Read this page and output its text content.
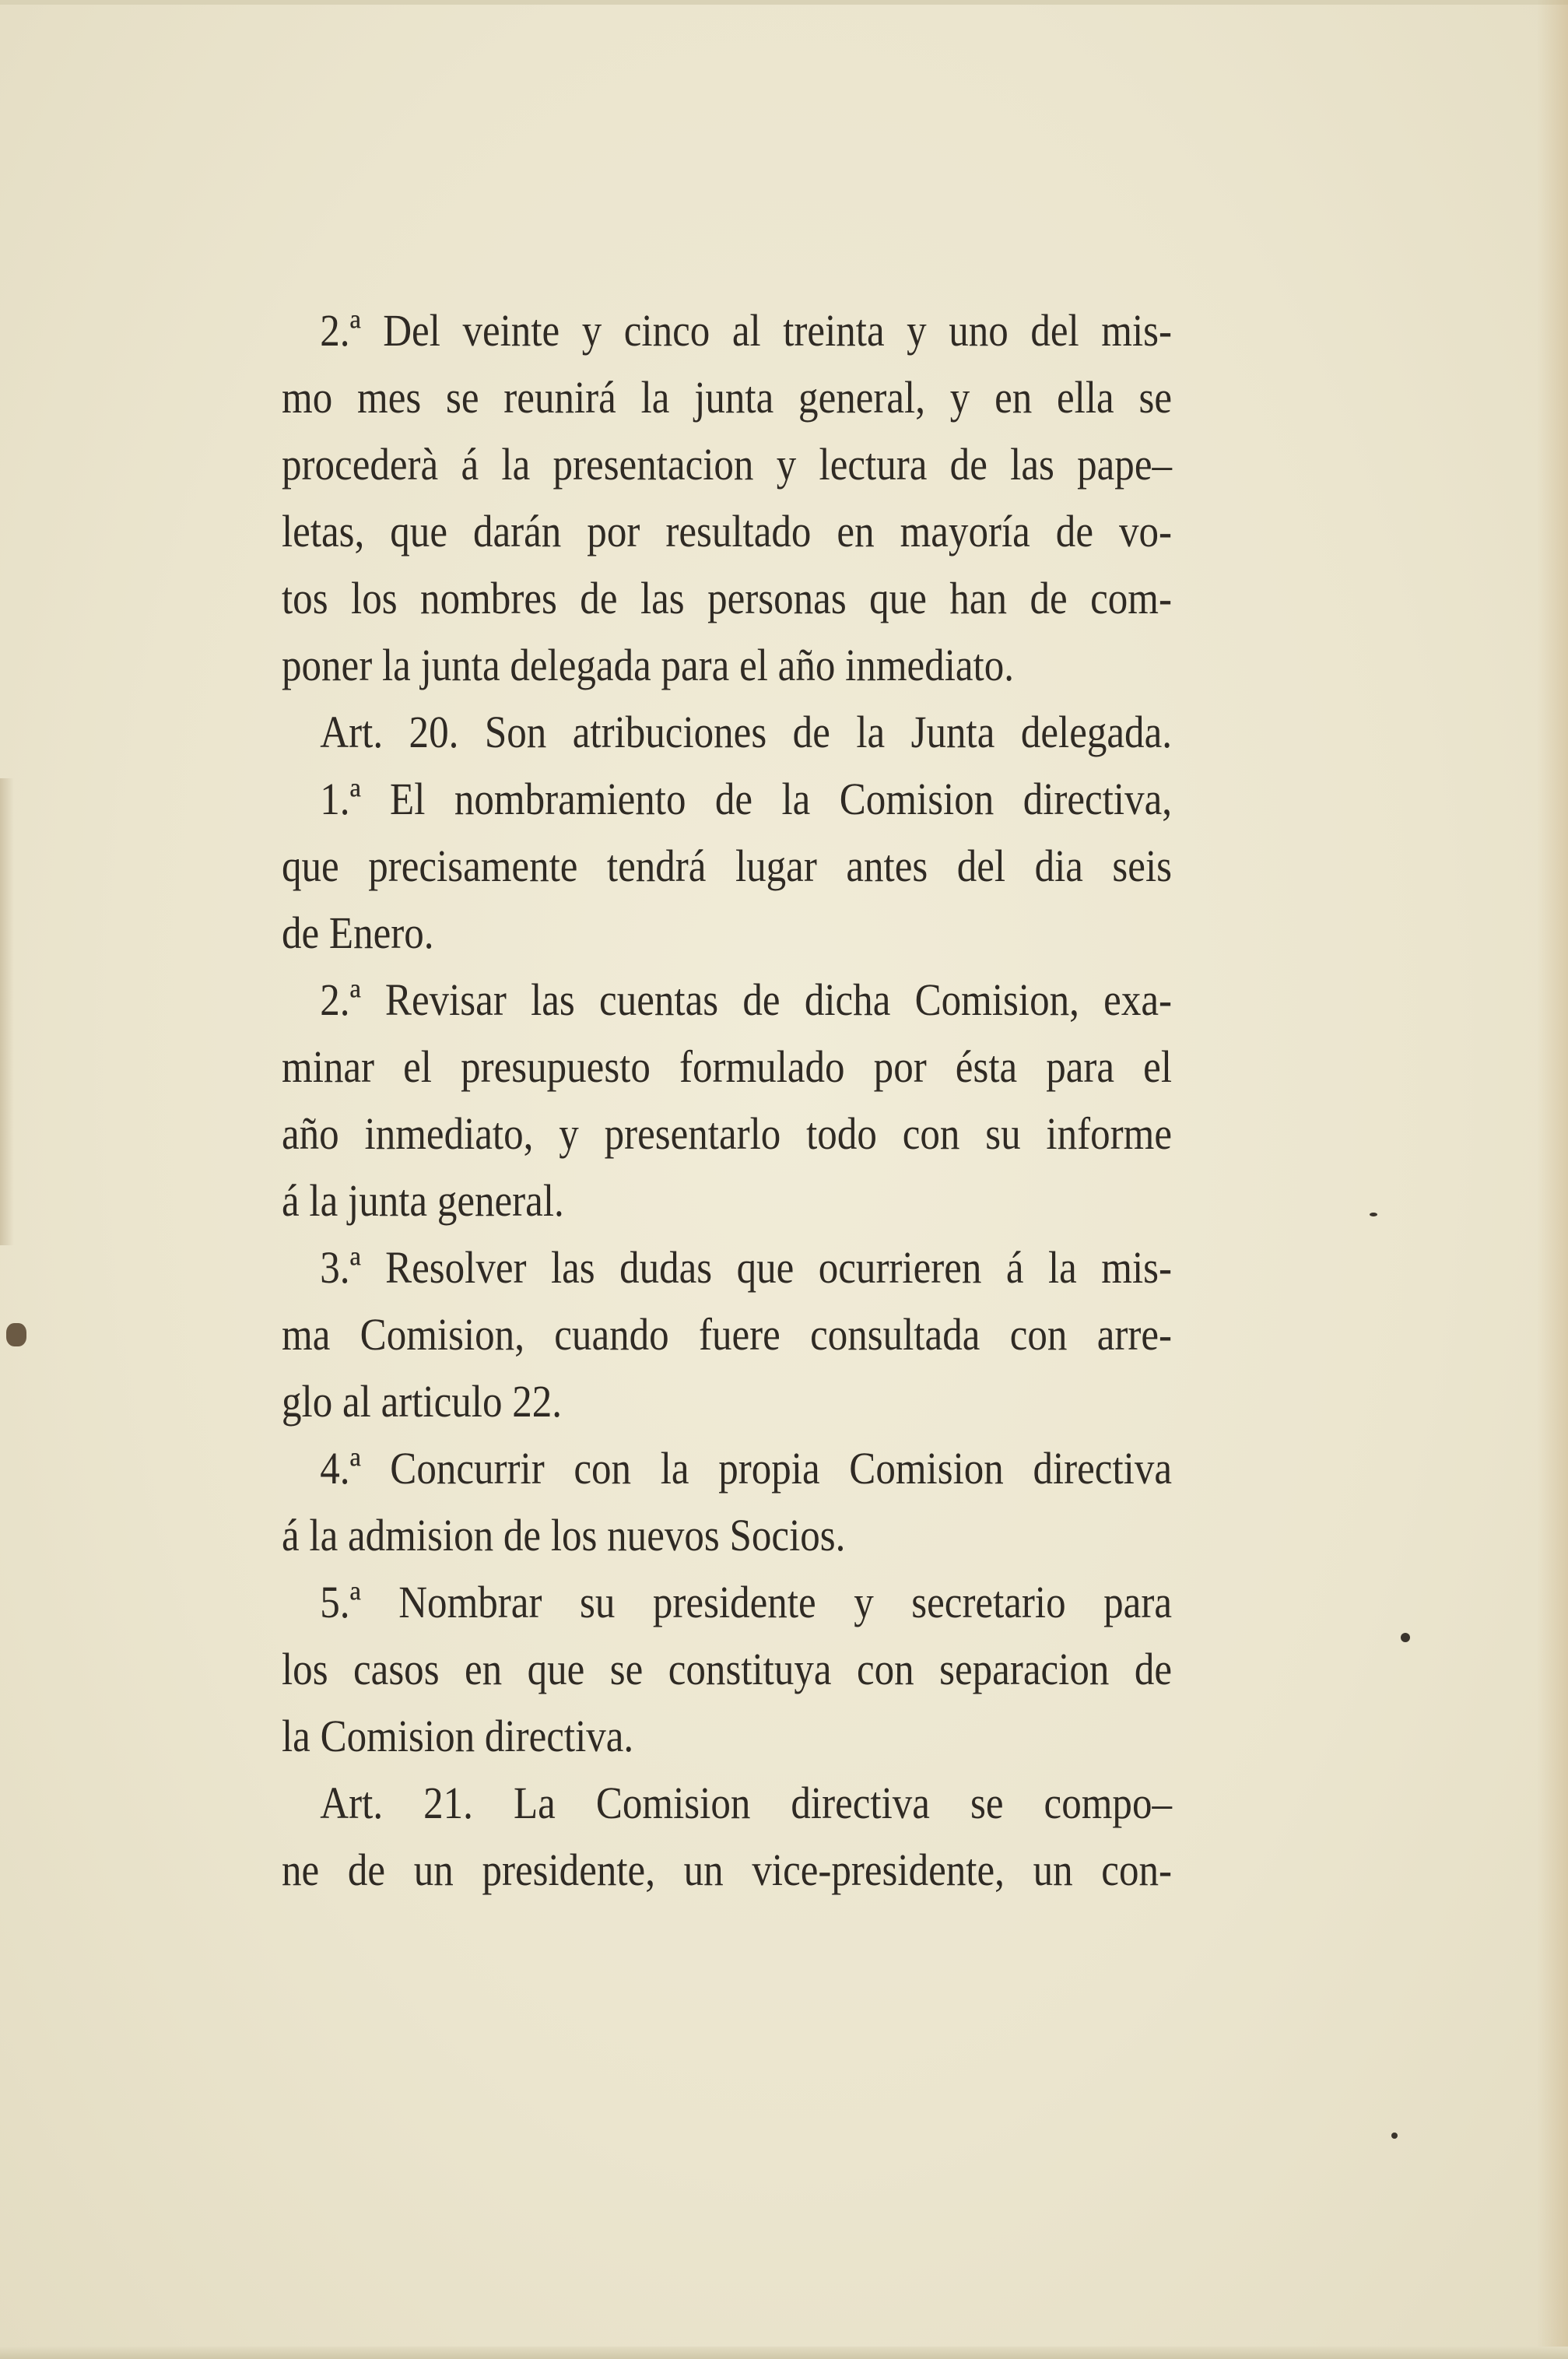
2.ª Del veinte y cinco al treinta y uno del mis-
mo mes se reunirá la junta general, y en ella se
procederà á la presentacion y lectura de las pape–
letas, que darán por resultado en mayoría de vo-
tos los nombres de las personas que han de com-
poner la junta delegada para el año inmediato.
Art. 20. Son atribuciones de la Junta delegada.
1.ª El nombramiento de la Comision directiva,
que precisamente tendrá lugar antes del dia seis
de Enero.
2.ª Revisar las cuentas de dicha Comision, exa-
minar el presupuesto formulado por ésta para el
año inmediato, y presentarlo todo con su informe
á la junta general.
3.ª Resolver las dudas que ocurrieren á la mis-
ma Comision, cuando fuere consultada con arre-
glo al articulo 22.
4.ª Concurrir con la propia Comision directiva
á la admision de los nuevos Socios.
5.ª Nombrar su presidente y secretario para
los casos en que se constituya con separacion de
la Comision directiva.
Art. 21. La Comision directiva se compo–
ne de un presidente, un vice-presidente, un con-
